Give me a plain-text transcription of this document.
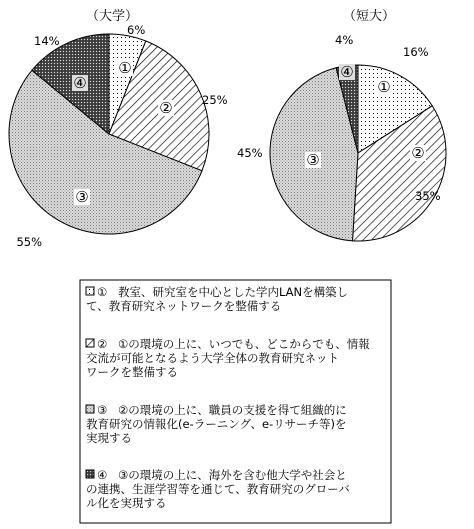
（大学）	（短大）
①
6%
②	25%
③
55%
④
14%
①
16%
②
35%
③
45%
④
4%
① 教室、研究室を中心とした学内LANを構築し
て、教育研究ネットワークを整備する
② ①の環境の上に、いつでも、どこからでも、情報
交流が可能となるよう大学全体の教育研究ネット
ワークを整備する
③ ②の環境の上に、職員の支援を得て組織的に
教育研究の情報化(e-ラーニング、e-リサーチ等)を
実現する
④ ③の環境の上に、海外を含む他大学や社会と
の連携、生涯学習等を通じて、教育研究のグローバ
ル化を実現する
